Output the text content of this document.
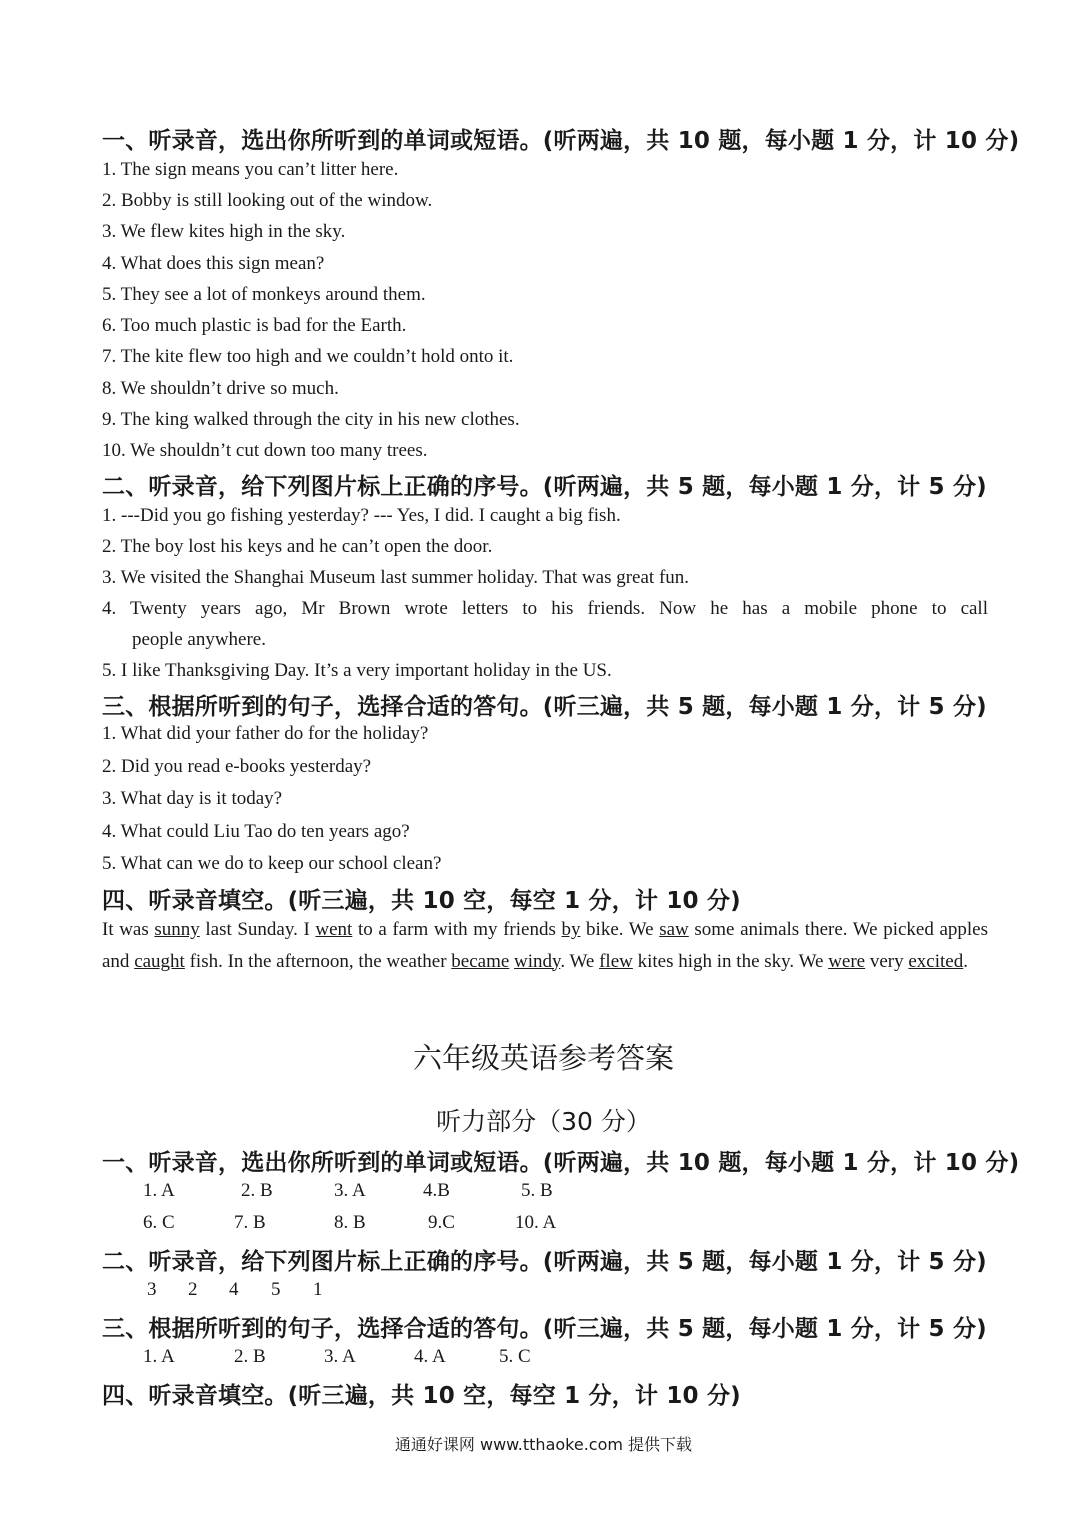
一、听录音，选出你所听到的单词或短语。(听两遍，共 10 题，每小题 1 分，计 10 分)
1. The sign means you can’t litter here.
2. Bobby is still looking out of the window.
3. We flew kites high in the sky.
4. What does this sign mean?
5. They see a lot of monkeys around them.
6. Too much plastic is bad for the Earth.
7. The kite flew too high and we couldn’t hold onto it.
8. We shouldn’t drive so much.
9. The king walked through the city in his new clothes.
10. We shouldn’t cut down too many trees.
二、听录音，给下列图片标上正确的序号。(听两遍，共 5 题，每小题 1 分，计 5 分)
1. ---Did you go fishing yesterday? --- Yes, I did. I caught a big fish.
2. The boy lost his keys and he can’t open the door.
3. We visited the Shanghai Museum last summer holiday. That was great fun.
4. Twenty years ago, Mr Brown wrote letters to his friends. Now he has a mobile phone to call
people anywhere.
5. I like Thanksgiving Day. It’s a very important holiday in the US.
三、根据所听到的句子，选择合适的答句。(听三遍，共 5 题，每小题 1 分，计 5 分)
1. What did your father do for the holiday?
2. Did you read e-books yesterday?
3. What day is it today?
4. What could Liu Tao do ten years ago?
5. What can we do to keep our school clean?
四、听录音填空。(听三遍，共 10 空，每空 1 分，计 10 分)
It was sunny last Sunday. I went to a farm with my friends by bike. We saw some animals there. We picked apples and caught fish. In the afternoon, the weather became windy. We flew kites high in the sky. We were very excited.
六年级英语参考答案
听力部分（30 分）
一、听录音，选出你所听到的单词或短语。(听两遍，共 10 题，每小题 1 分，计 10 分)
1. A	2. B	3. A	4.B	5. B
6. C	7. B	8. B	9.C	10. A
二、听录音，给下列图片标上正确的序号。(听两遍，共 5 题，每小题 1 分，计 5 分)
3 2 4 5 1
三、根据所听到的句子，选择合适的答句。(听三遍，共 5 题，每小题 1 分，计 5 分)
1. A	2. B	3. A	4. A	5. C
四、听录音填空。(听三遍，共 10 空，每空 1 分，计 10 分)
通通好课网 www.tthaoke.com 提供下载
